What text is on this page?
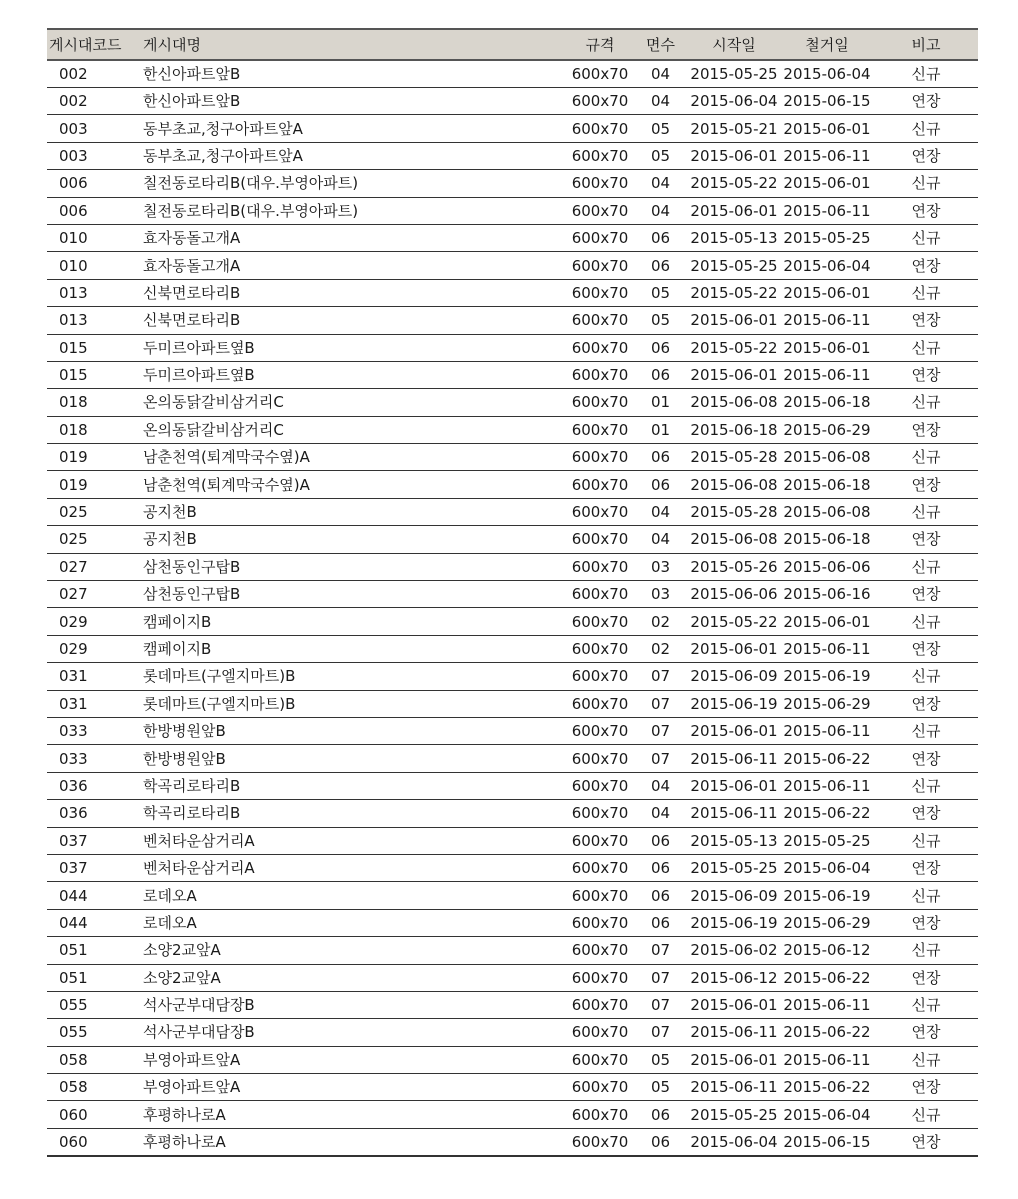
게시대코드	게시대명	규격	면수	시작일	철거일	비고
002	한신아파트앞B	600x70	04	2015-05-25	2015-06-04	신규
002	한신아파트앞B	600x70	04	2015-06-04	2015-06-15	연장
003	동부초교,청구아파트앞A	600x70	05	2015-05-21	2015-06-01	신규
003	동부초교,청구아파트앞A	600x70	05	2015-06-01	2015-06-11	연장
006	칠전동로타리B(대우.부영아파트)	600x70	04	2015-05-22	2015-06-01	신규
006	칠전동로타리B(대우.부영아파트)	600x70	04	2015-06-01	2015-06-11	연장
010	효자동돌고개A	600x70	06	2015-05-13	2015-05-25	신규
010	효자동돌고개A	600x70	06	2015-05-25	2015-06-04	연장
013	신북면로타리B	600x70	05	2015-05-22	2015-06-01	신규
013	신북면로타리B	600x70	05	2015-06-01	2015-06-11	연장
015	두미르아파트옆B	600x70	06	2015-05-22	2015-06-01	신규
015	두미르아파트옆B	600x70	06	2015-06-01	2015-06-11	연장
018	온의동닭갈비삼거리C	600x70	01	2015-06-08	2015-06-18	신규
018	온의동닭갈비삼거리C	600x70	01	2015-06-18	2015-06-29	연장
019	남춘천역(퇴계막국수옆)A	600x70	06	2015-05-28	2015-06-08	신규
019	남춘천역(퇴계막국수옆)A	600x70	06	2015-06-08	2015-06-18	연장
025	공지천B	600x70	04	2015-05-28	2015-06-08	신규
025	공지천B	600x70	04	2015-06-08	2015-06-18	연장
027	삼천동인구탑B	600x70	03	2015-05-26	2015-06-06	신규
027	삼천동인구탑B	600x70	03	2015-06-06	2015-06-16	연장
029	캠페이지B	600x70	02	2015-05-22	2015-06-01	신규
029	캠페이지B	600x70	02	2015-06-01	2015-06-11	연장
031	롯데마트(구엘지마트)B	600x70	07	2015-06-09	2015-06-19	신규
031	롯데마트(구엘지마트)B	600x70	07	2015-06-19	2015-06-29	연장
033	한방병원앞B	600x70	07	2015-06-01	2015-06-11	신규
033	한방병원앞B	600x70	07	2015-06-11	2015-06-22	연장
036	학곡리로타리B	600x70	04	2015-06-01	2015-06-11	신규
036	학곡리로타리B	600x70	04	2015-06-11	2015-06-22	연장
037	벤처타운삼거리A	600x70	06	2015-05-13	2015-05-25	신규
037	벤처타운삼거리A	600x70	06	2015-05-25	2015-06-04	연장
044	로데오A	600x70	06	2015-06-09	2015-06-19	신규
044	로데오A	600x70	06	2015-06-19	2015-06-29	연장
051	소양2교앞A	600x70	07	2015-06-02	2015-06-12	신규
051	소양2교앞A	600x70	07	2015-06-12	2015-06-22	연장
055	석사군부대담장B	600x70	07	2015-06-01	2015-06-11	신규
055	석사군부대담장B	600x70	07	2015-06-11	2015-06-22	연장
058	부영아파트앞A	600x70	05	2015-06-01	2015-06-11	신규
058	부영아파트앞A	600x70	05	2015-06-11	2015-06-22	연장
060	후평하나로A	600x70	06	2015-05-25	2015-06-04	신규
060	후평하나로A	600x70	06	2015-06-04	2015-06-15	연장
